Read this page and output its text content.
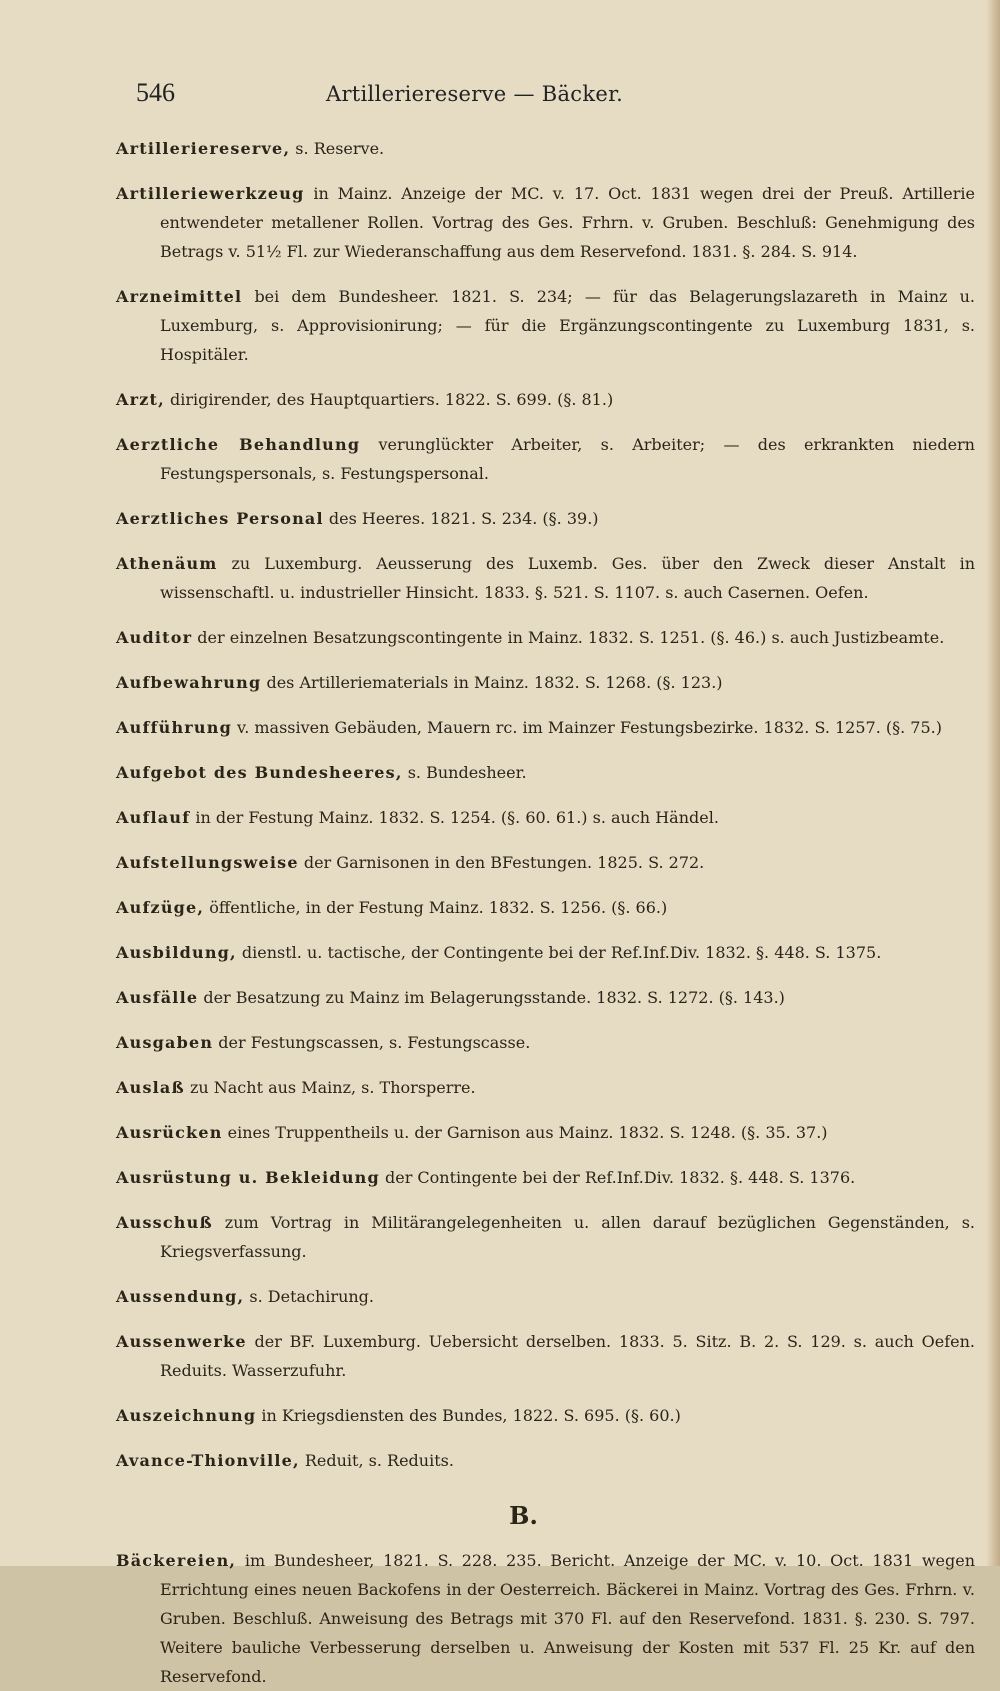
546	Artilleriereserve — Bäcker.

Artilleriereserve, s. Reserve.

Artilleriewerkzeug in Mainz. Anzeige der MC. v. 17. Oct. 1831 wegen drei der Preuß. Artillerie entwendeter metallener Rollen. Vortrag des Ges. Frhrn. v. Gruben. Beschluß: Genehmigung des Betrags v. 51½ Fl. zur Wiederanschaffung aus dem Reservefond. 1831. §. 284. S. 914.

Arzneimittel bei dem Bundesheer. 1821. S. 234; — für das Belagerungslazareth in Mainz u. Luxemburg, s. Approvisionirung; — für die Ergänzungscontingente zu Luxemburg 1831, s. Hospitäler.

Arzt, dirigirender, des Hauptquartiers. 1822. S. 699. (§. 81.)

Aerztliche Behandlung verunglückter Arbeiter, s. Arbeiter; — des erkrankten niedern Festungspersonals, s. Festungspersonal.

Aerztliches Personal des Heeres. 1821. S. 234. (§. 39.)

Athenäum zu Luxemburg. Aeusserung des Luxemb. Ges. über den Zweck dieser Anstalt in wissenschaftl. u. industrieller Hinsicht. 1833. §. 521. S. 1107. s. auch Casernen. Oefen.

Auditor der einzelnen Besatzungscontingente in Mainz. 1832. S. 1251. (§. 46.) s. auch Justizbeamte.

Aufbewahrung des Artilleriematerials in Mainz. 1832. S. 1268. (§. 123.)

Aufführung v. massiven Gebäuden, Mauern rc. im Mainzer Festungsbezirke. 1832. S. 1257. (§. 75.)

Aufgebot des Bundesheeres, s. Bundesheer.

Auflauf in der Festung Mainz. 1832. S. 1254. (§. 60. 61.) s. auch Händel.

Aufstellungsweise der Garnisonen in den BFestungen. 1825. S. 272.

Aufzüge, öffentliche, in der Festung Mainz. 1832. S. 1256. (§. 66.)

Ausbildung, dienstl. u. tactische, der Contingente bei der Ref.Inf.Div. 1832. §. 448. S. 1375.

Ausfälle der Besatzung zu Mainz im Belagerungsstande. 1832. S. 1272. (§. 143.)

Ausgaben der Festungscassen, s. Festungscasse.

Auslaß zu Nacht aus Mainz, s. Thorsperre.

Ausrücken eines Truppentheils u. der Garnison aus Mainz. 1832. S. 1248. (§. 35. 37.)

Ausrüstung u. Bekleidung der Contingente bei der Ref.Inf.Div. 1832. §. 448. S. 1376.

Ausschuß zum Vortrag in Militärangelegenheiten u. allen darauf bezüglichen Gegenständen, s. Kriegsverfassung.

Aussendung, s. Detachirung.

Aussenwerke der BF. Luxemburg. Uebersicht derselben. 1833. 5. Sitz. B. 2. S. 129. s. auch Oefen. Reduits. Wasserzufuhr.

Auszeichnung in Kriegsdiensten des Bundes, 1822. S. 695. (§. 60.)

Avance-Thionville, Reduit, s. Reduits.

B.

Bäckereien, im Bundesheer, 1821. S. 228. 235. Bericht. Anzeige der MC. v. 10. Oct. 1831 wegen Errichtung eines neuen Backofens in der Oesterreich. Bäckerei in Mainz. Vortrag des Ges. Frhrn. v. Gruben. Beschluß. Anweisung des Betrags mit 370 Fl. auf den Reservefond. 1831. §. 230. S. 797. Weitere bauliche Verbesserung derselben u. Anweisung der Kosten mit 537 Fl. 25 Kr. auf den Reservefond.
